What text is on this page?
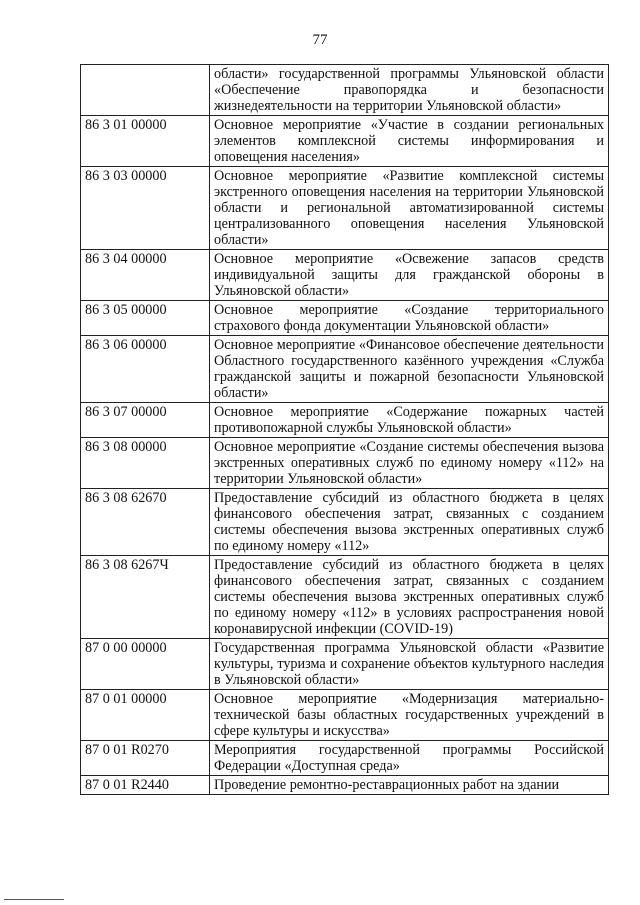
77
	области» государственной программы Ульяновской области «Обеспечение правопорядка и безопасности жизнедеятельности на территории Ульяновской области»
86 3 01 00000	Основное мероприятие «Участие в создании региональных элементов комплексной системы информирования и оповещения населения»
86 3 03 00000	Основное мероприятие «Развитие комплексной системы экстренного оповещения населения на территории Ульяновской области и региональной автоматизированной системы централизованного оповещения населения Ульяновской области»
86 3 04 00000	Основное мероприятие «Освежение запасов средств индивидуальной защиты для гражданской обороны в Ульяновской области»
86 3 05 00000	Основное мероприятие «Создание территориального страхового фонда документации Ульяновской области»
86 3 06 00000	Основное мероприятие «Финансовое обеспечение деятельности Областного государственного казённого учреждения «Служба гражданской защиты и пожарной безопасности Ульяновской области»
86 3 07 00000	Основное мероприятие «Содержание пожарных частей противопожарной службы Ульяновской области»
86 3 08 00000	Основное мероприятие «Создание системы обеспечения вызова экстренных оперативных служб по единому номеру «112» на территории Ульяновской области»
86 3 08 62670	Предоставление субсидий из областного бюджета в целях финансового обеспечения затрат, связанных с созданием системы обеспечения вызова экстренных оперативных служб по единому номеру «112»
86 3 08 6267Ч	Предоставление субсидий из областного бюджета в целях финансового обеспечения затрат, связанных с созданием системы обеспечения вызова экстренных оперативных служб по единому номеру «112» в условиях распространения новой коронавирусной инфекции (COVID-19)
87 0 00 00000	Государственная программа Ульяновской области «Развитие культуры, туризма и сохранение объектов культурного наследия в Ульяновской области»
87 0 01 00000	Основное мероприятие «Модернизация материально-технической базы областных государственных учреждений в сфере культуры и искусства»
87 0 01 R0270	Мероприятия государственной программы Российской Федерации «Доступная среда»
87 0 01 R2440	Проведение ремонтно-реставрационных работ на здании
